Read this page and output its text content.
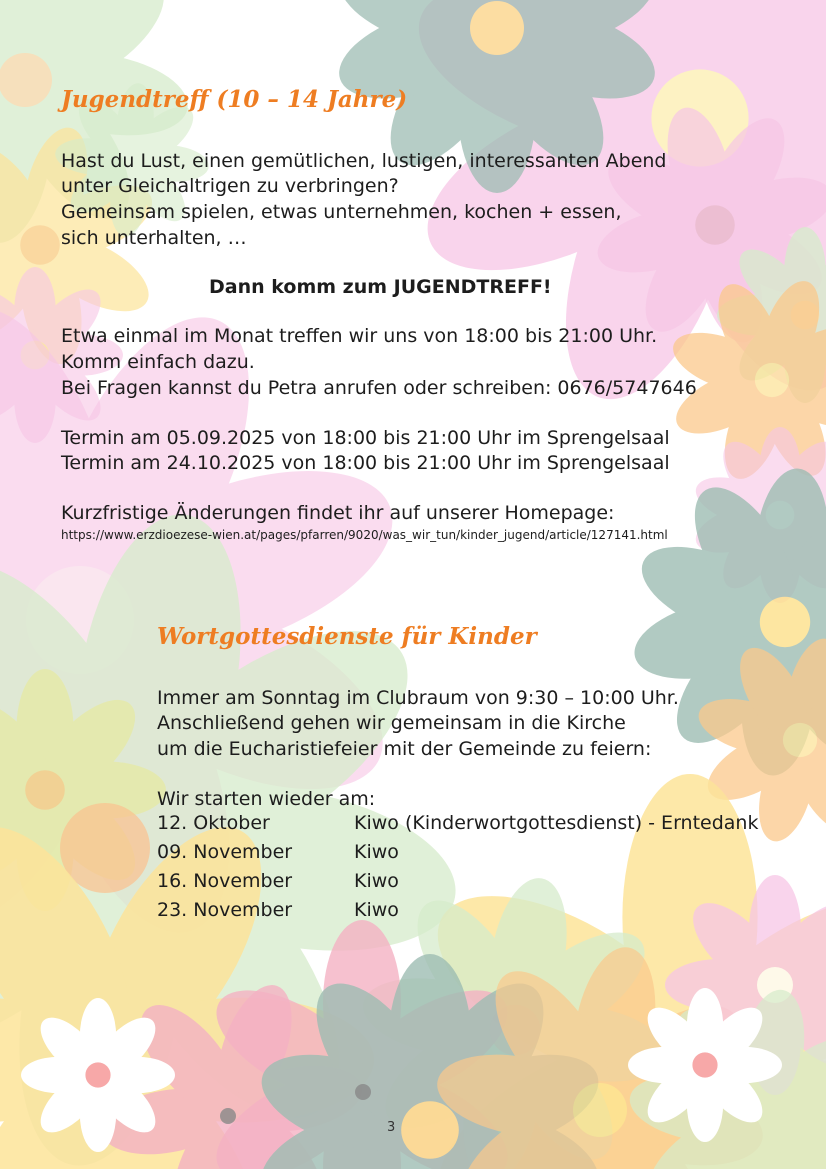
Jugendtreff (10 – 14 Jahre)
Hast du Lust, einen gemütlichen, lustigen, interessanten Abend
unter Gleichaltrigen zu verbringen?
Gemeinsam spielen, etwas unternehmen, kochen + essen,
sich unterhalten, …
Dann komm zum JUGENDTREFF!
Etwa einmal im Monat treffen wir uns von 18:00 bis 21:00 Uhr.
Komm einfach dazu.
Bei Fragen kannst du Petra anrufen oder schreiben: 0676/5747646
Termin am 05.09.2025 von 18:00 bis 21:00 Uhr im Sprengelsaal
Termin am 24.10.2025 von 18:00 bis 21:00 Uhr im Sprengelsaal
Kurzfristige Änderungen findet ihr auf unserer Homepage:
https://www.erzdioezese-wien.at/pages/pfarren/9020/was_wir_tun/kinder_jugend/article/127141.html
Wortgottesdienste für Kinder
Immer am Sonntag im Clubraum von 9:30 – 10:00 Uhr.
Anschließend gehen wir gemeinsam in die Kirche
um die Eucharistiefeier mit der Gemeinde zu feiern:
Wir starten wieder am:
12. Oktober	Kiwo (Kinderwortgottesdienst) - Erntedank
09. November	Kiwo
16. November	Kiwo
23. November	Kiwo
3
